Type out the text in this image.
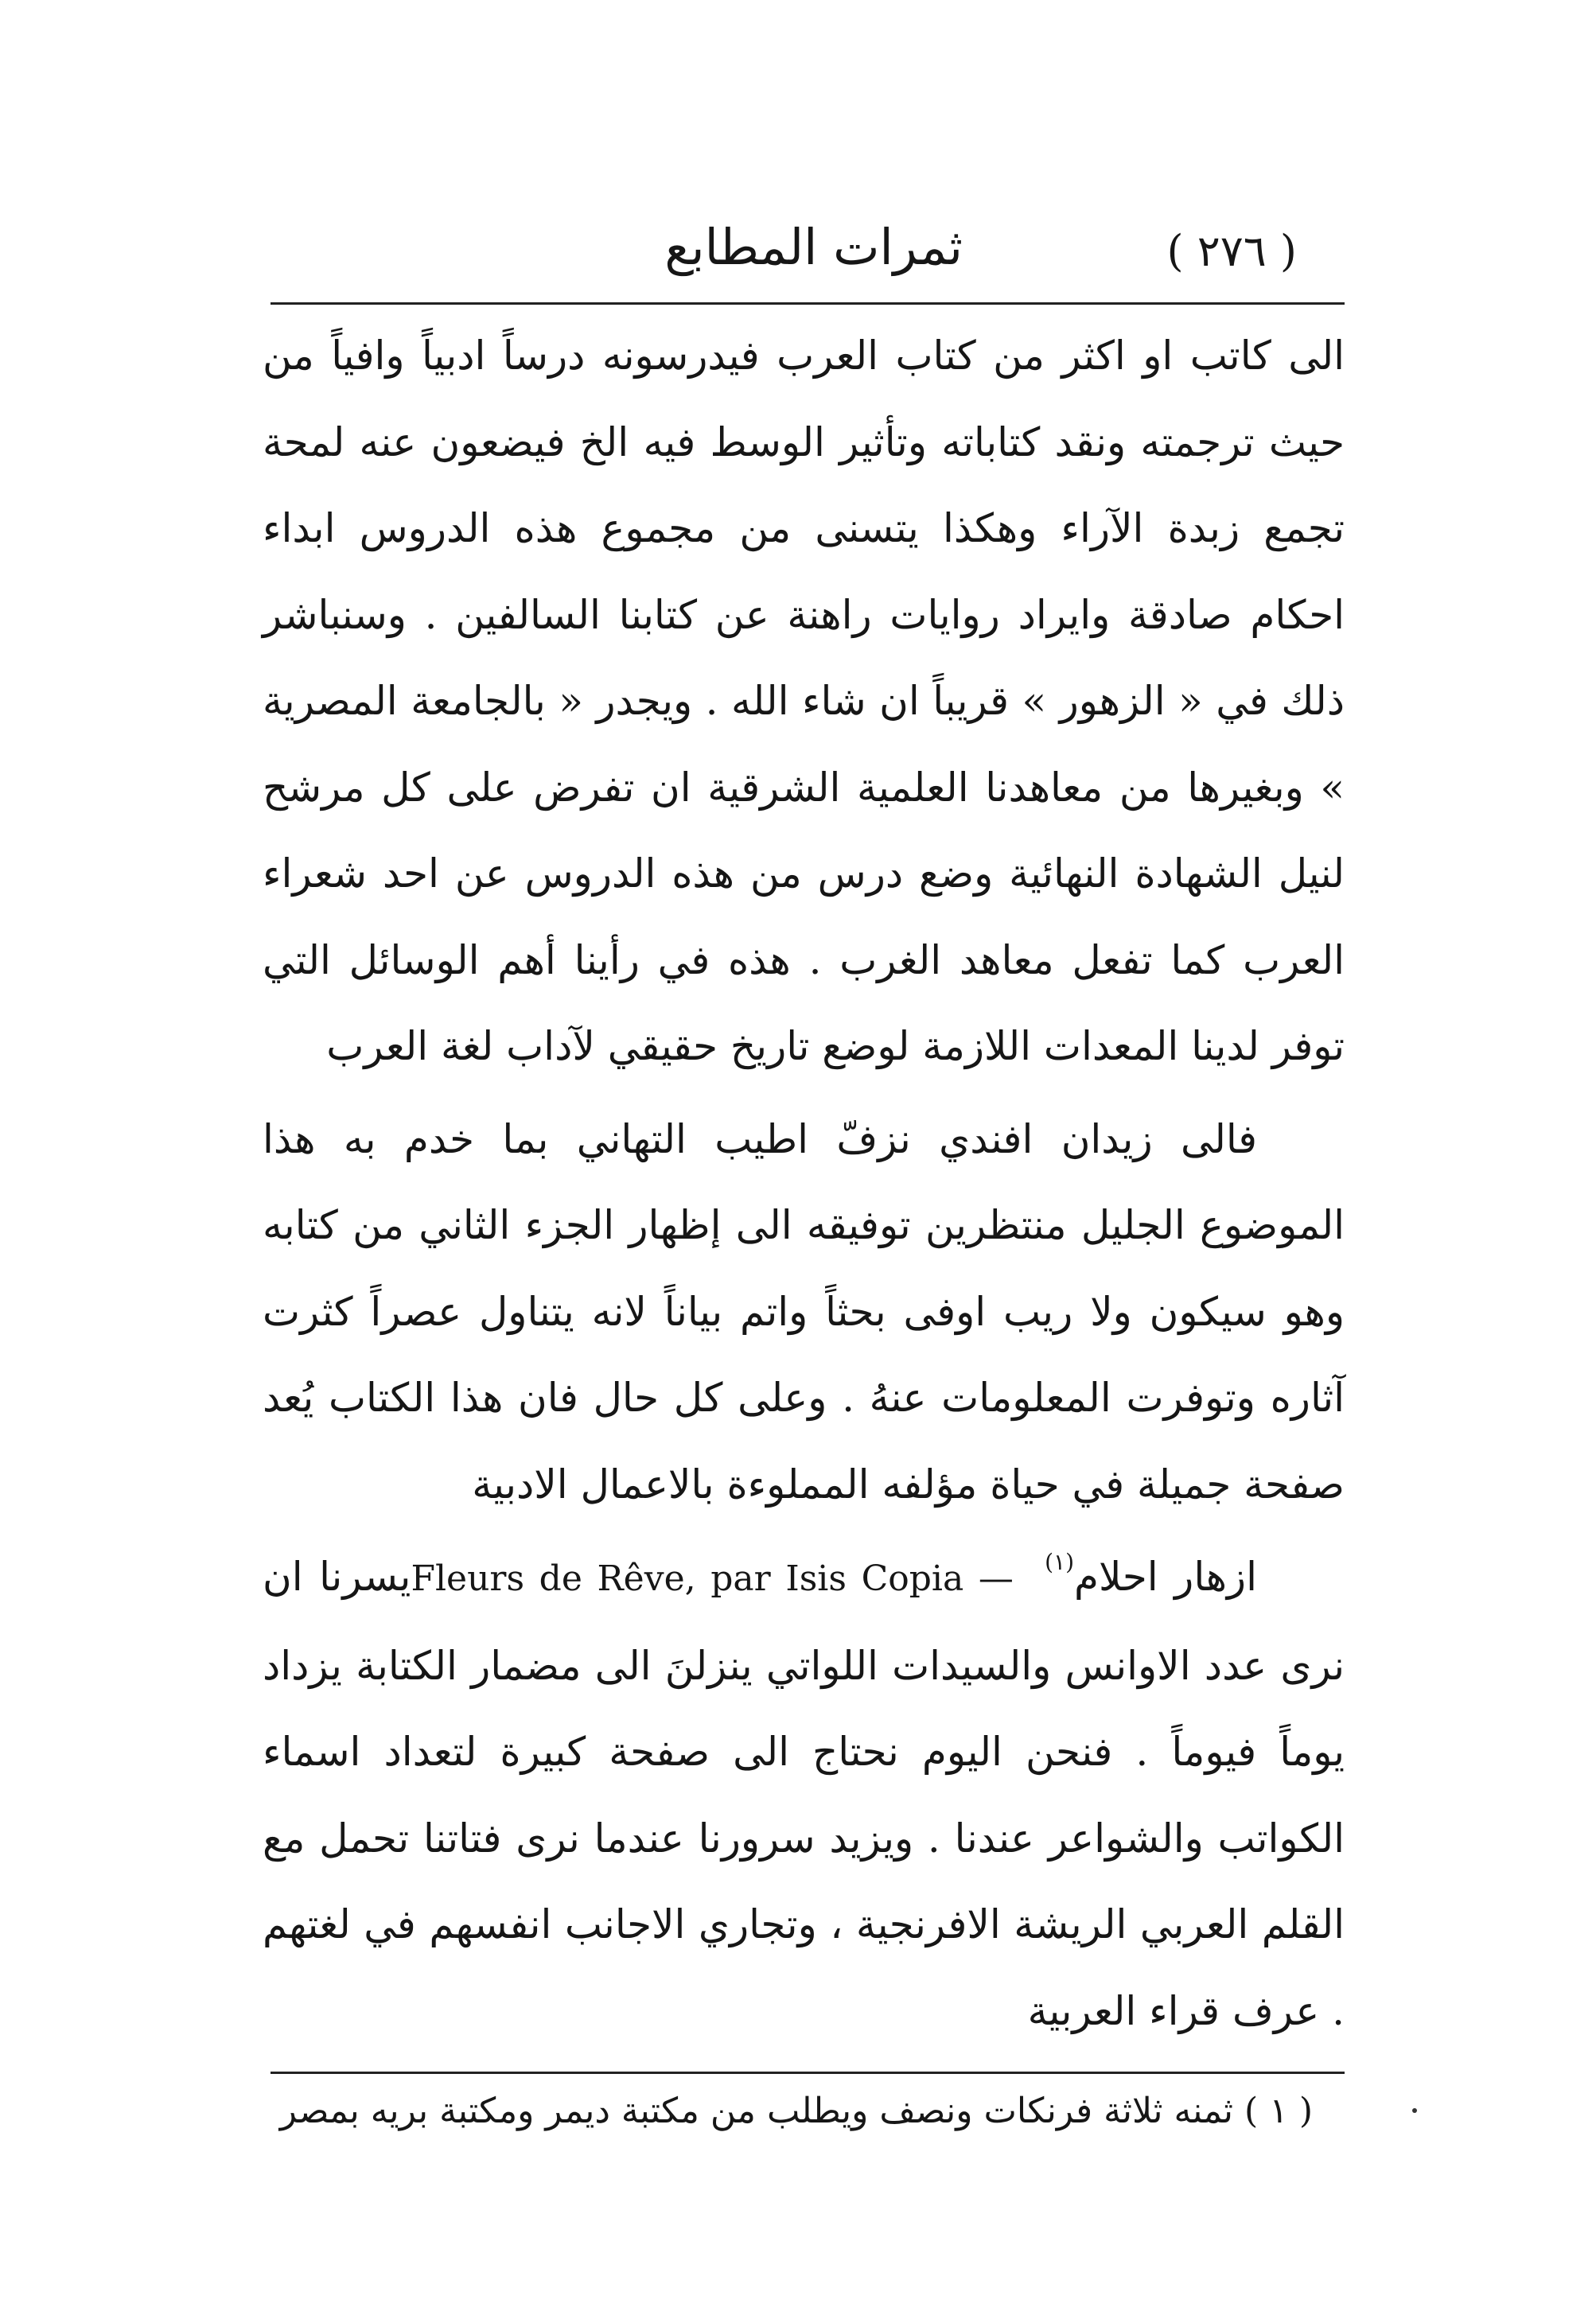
( ٢٧٦ )
ثمرات المطابع

الى كاتب او اكثر من كتاب العرب فيدرسونه درساً ادبياً وافياً من حيث ترجمته ونقد كتاباته وتأثير الوسط فيه الخ فيضعون عنه لمحة تجمع زبدة الآراء وهكذا يتسنى من مجموع هذه الدروس ابداء احكام صادقة وايراد روايات راهنة عن كتابنا السالفين . وسنباشر ذلك في « الزهور » قريباً ان شاء الله . ويجدر « بالجامعة المصرية » وبغيرها من معاهدنا العلمية الشرقية ان تفرض على كل مرشح لنيل الشهادة النهائية وضع درس من هذه الدروس عن احد شعراء العرب كما تفعل معاهد الغرب . هذه في رأينا أهم الوسائل التي توفر لدينا المعدات اللازمة لوضع تاريخ حقيقي لآداب لغة العرب

فالى زيدان افندي نزفّ اطيب التهاني بما خدم به هذا الموضوع الجليل منتظرين توفيقه الى إظهار الجزء الثاني من كتابه وهو سيكون ولا ريب اوفى بحثاً واتم بياناً لانه يتناول عصراً كثرت آثاره وتوفرت المعلومات عنهُ . وعلى كل حال فان هذا الكتاب يُعد صفحة جميلة في حياة مؤلفه المملوءة بالاعمال الادبية

ازهار احلام$^{(١)}$ Fleurs de Rêve, par Isis Copia — يسرنا ان نرى عدد الاوانس والسيدات اللواتي ينزلنَ الى مضمار الكتابة يزداد يوماً فيوماً . فنحن اليوم نحتاج الى صفحة كبيرة لتعداد اسماء الكواتب والشواعر عندنا . ويزيد سرورنا عندما نرى فتاتنا تحمل مع القلم العربي الريشة الافرنجية ، وتجاري الاجانب انفسهم في لغتهم . عرف قراء العربية

( ١ ) ثمنه ثلاثة فرنكات ونصف ويطلب من مكتبة ديمر ومكتبة بريه بمصر
